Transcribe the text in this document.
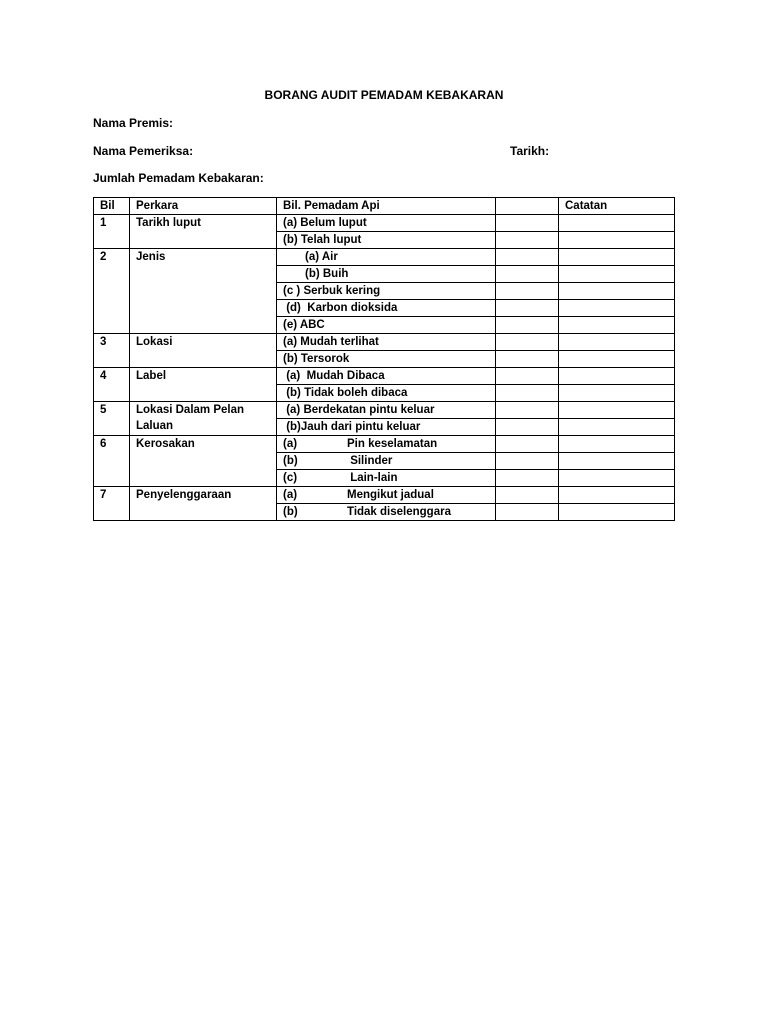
BORANG AUDIT PEMADAM KEBAKARAN
Nama Premis:
Nama Pemeriksa:	Tarikh:
Jumlah Pemadam Kebakaran:
Bil	Perkara	Bil. Pemadam Api		Catatan
1	Tarikh luput	(a) Belum luput		
		(b) Telah luput		
2	Jenis	(a) Air		
		(b) Buih		
		(c ) Serbuk kering		
		(d)  Karbon dioksida		
		(e) ABC		
3	Lokasi	(a) Mudah terlihat		
		(b) Tersorok		
4	Label	(a)  Mudah Dibaca		
		(b) Tidak boleh dibaca		
5	Lokasi Dalam Pelan Laluan	(a) Berdekatan pintu keluar		
		(b)Jauh dari pintu keluar		
6	Kerosakan	(a) Pin keselamatan		
		(b) Silinder		
		(c) Lain-lain		
7	Penyelenggaraan	(a) Mengikut jadual		
		(b) Tidak diselenggara		
